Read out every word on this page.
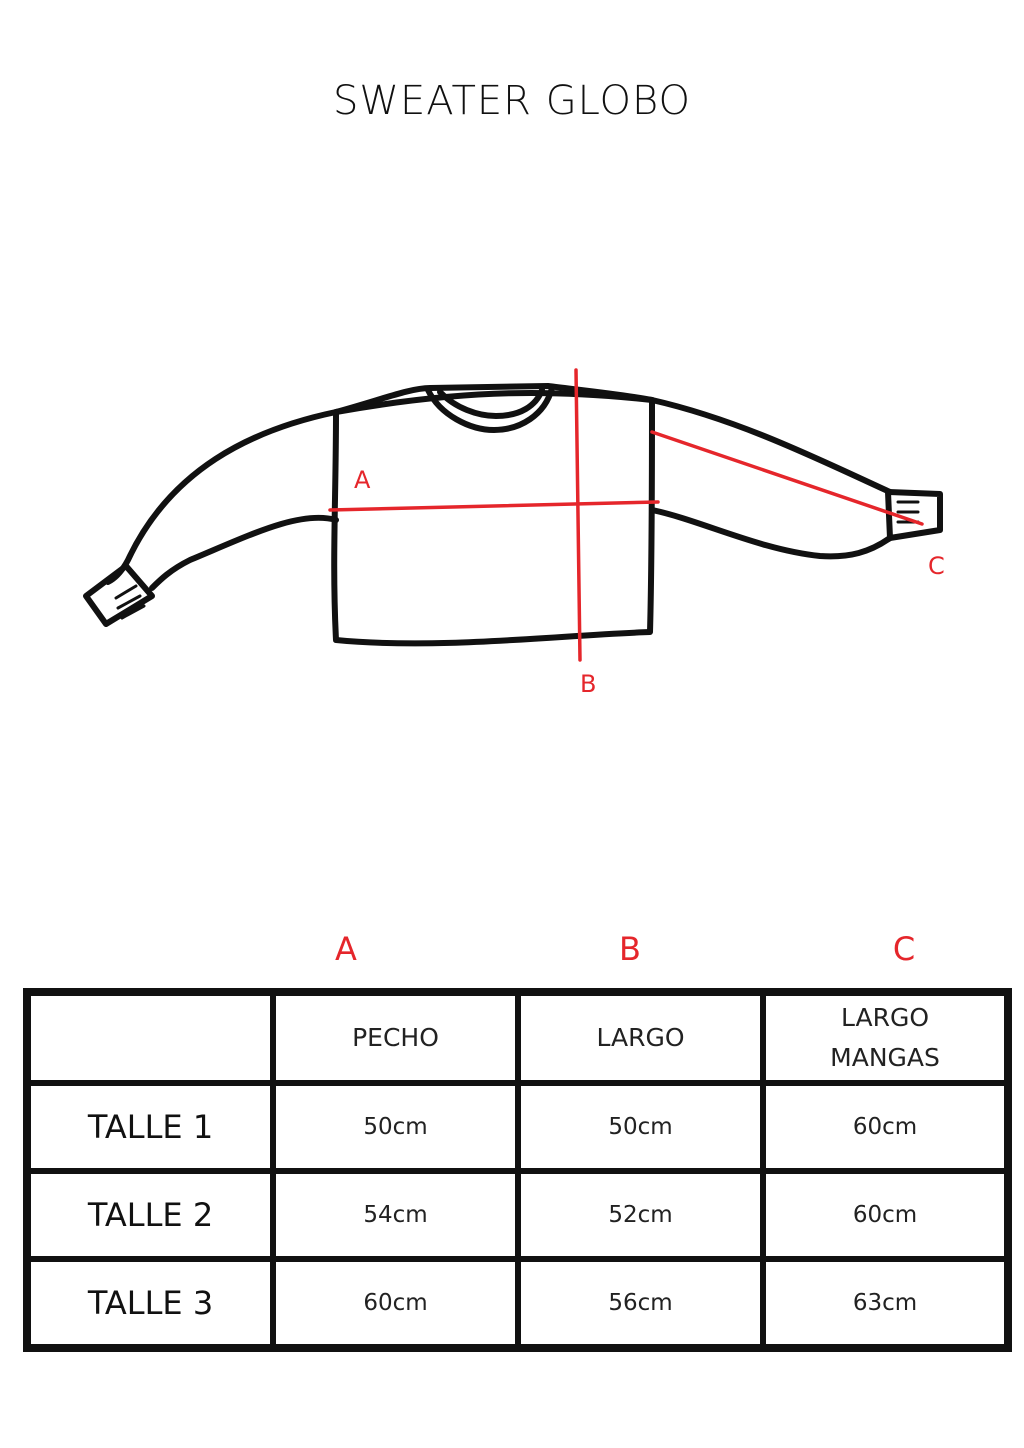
SWEATER GLOBO
A
B
C
A	B	C
	PECHO	LARGO	LARGO
MANGAS

TALLE 1	50cm	50cm	60cm
TALLE 2	54cm	52cm	60cm
TALLE 3	60cm	56cm	63cm
